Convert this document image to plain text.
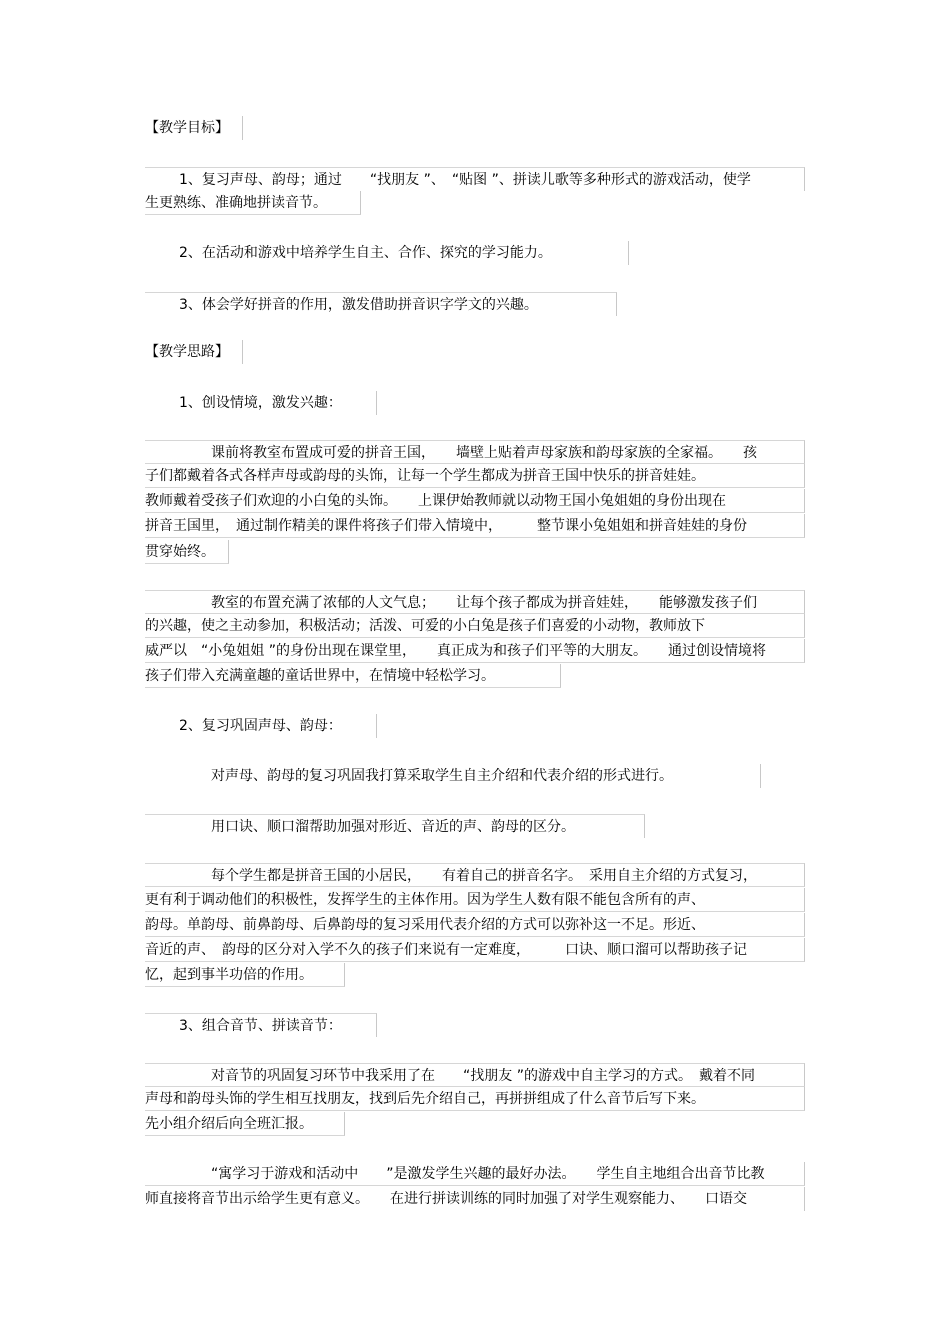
【教学目标】
1、复习声母、韵母；通过　　“找朋友 ”、　“贴图 ”、拼读儿歌等多种形式的游戏活动，使学
生更熟练、准确地拼读音节。
2、在活动和游戏中培养学生自主、合作、探究的学习能力。
3、体会学好拼音的作用，激发借助拼音识字学文的兴趣。
【教学思路】
1、创设情境，激发兴趣：
课前将教室布置成可爱的拼音王国，　　墙壁上贴着声母家族和韵母家族的全家福。　　孩
子们都戴着各式各样声母或韵母的头饰，让每一个学生都成为拼音王国中快乐的拼音娃娃。
教师戴着受孩子们欢迎的小白兔的头饰。　　上课伊始教师就以动物王国小兔姐姐的身份出现在
拼音王国里，　通过制作精美的课件将孩子们带入情境中，　　　整节课小兔姐姐和拼音娃娃的身份
贯穿始终。
教室的布置充满了浓郁的人文气息；　　让每个孩子都成为拼音娃娃，　　能够激发孩子们
的兴趣，使之主动参加，积极活动；活泼、可爱的小白兔是孩子们喜爱的小动物，教师放下
威严以　“小兔姐姐 ”的身份出现在课堂里，　　真正成为和孩子们平等的大朋友。　　通过创设情境将
孩子们带入充满童趣的童话世界中，在情境中轻松学习。
2、复习巩固声母、韵母：
对声母、韵母的复习巩固我打算采取学生自主介绍和代表介绍的形式进行。
用口诀、顺口溜帮助加强对形近、音近的声、韵母的区分。
每个学生都是拼音王国的小居民，　　有着自己的拼音名字。　采用自主介绍的方式复习，
更有利于调动他们的积极性，发挥学生的主体作用。因为学生人数有限不能包含所有的声、
韵母。单韵母、前鼻韵母、后鼻韵母的复习采用代表介绍的方式可以弥补这一不足。形近、
音近的声、　韵母的区分对入学不久的孩子们来说有一定难度，　　　口诀、顺口溜可以帮助孩子记
忆，起到事半功倍的作用。
3、组合音节、拼读音节：
对音节的巩固复习环节中我采用了在　　“找朋友 ”的游戏中自主学习的方式。　戴着不同
声母和韵母头饰的学生相互找朋友，找到后先介绍自己，再拼拼组成了什么音节后写下来。
先小组介绍后向全班汇报。
“寓学习于游戏和活动中　　”是激发学生兴趣的最好办法。　　学生自主地组合出音节比教
师直接将音节出示给学生更有意义。　　在进行拼读训练的同时加强了对学生观察能力、　　口语交
